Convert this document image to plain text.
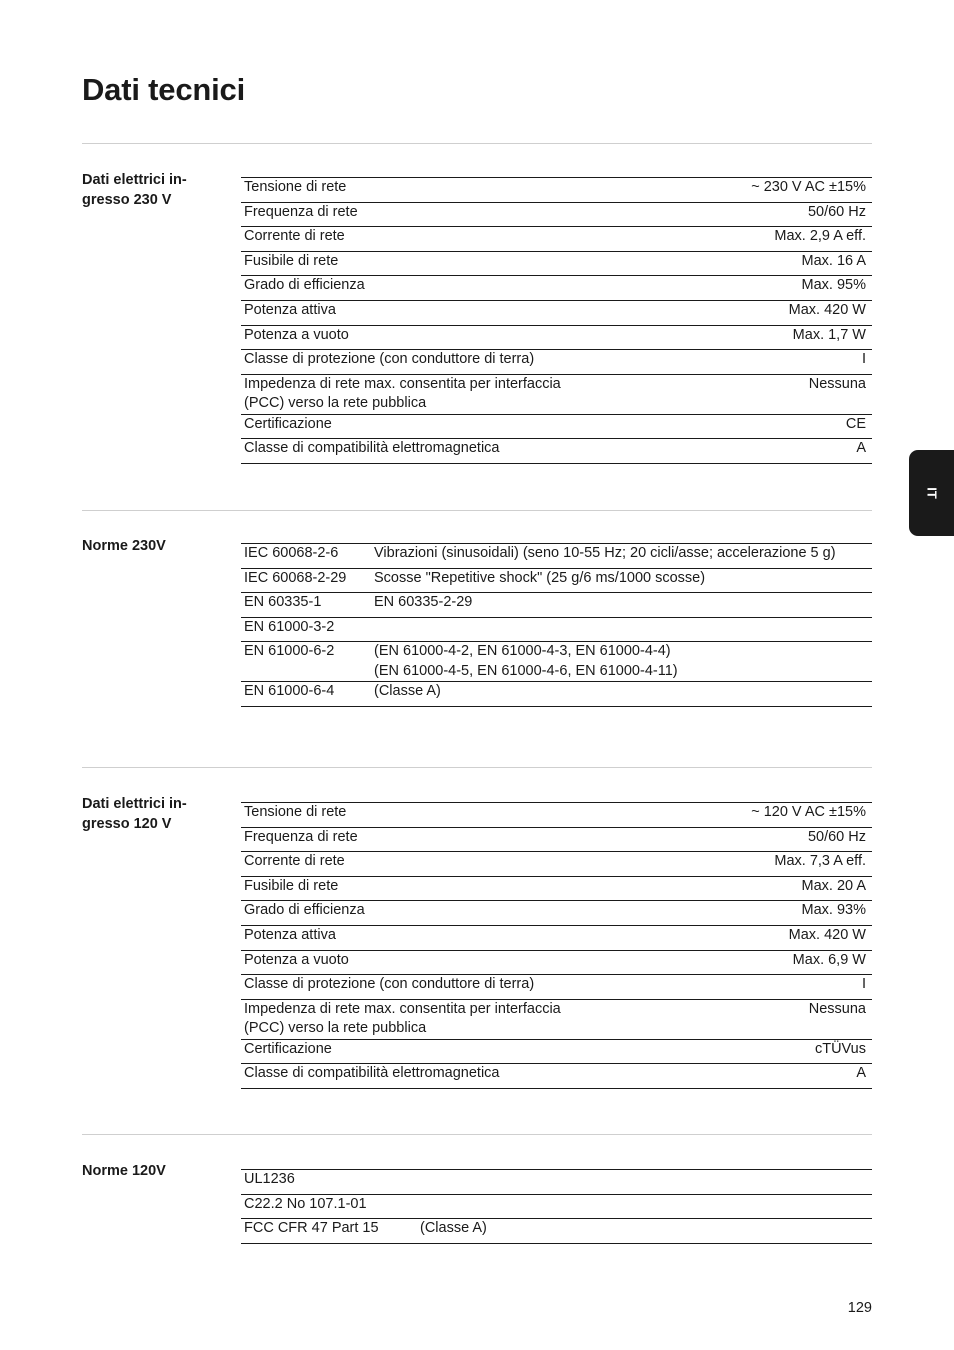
Dati tecnici
Dati elettrici in-
gresso 230 V
Tensione di rete	~ 230 V AC ±15%
Frequenza di rete	50/60 Hz
Corrente di rete	Max. 2,9 A eff.
Fusibile di rete	Max. 16 A
Grado di efficienza	Max. 95%
Potenza attiva	Max. 420 W
Potenza a vuoto	Max. 1,7 W
Classe di protezione (con conduttore di terra)	I
Impedenza di rete max. consentita per interfaccia (PCC) verso la rete pubblica	Nessuna
Certificazione	CE
Classe di compatibilità elettromagnetica	A
Norme 230V	IEC 60068-2-6	Vibrazioni (sinusoidali) (seno 10-55 Hz; 20 cicli/asse; accelerazione 5 g)
IEC 60068-2-29	Scosse "Repetitive shock" (25 g/6 ms/1000 scosse)
EN 60335-1	EN 60335-2-29
EN 61000-3-2	
EN 61000-6-2	(EN 61000-4-2, EN 61000-4-3, EN 61000-4-4)
(EN 61000-4-5, EN 61000-4-6, EN 61000-4-11)
EN 61000-6-4	(Classe A)
Dati elettrici in-
gresso 120 V
Tensione di rete	~ 120 V AC ±15%
Frequenza di rete	50/60 Hz
Corrente di rete	Max. 7,3 A eff.
Fusibile di rete	Max. 20 A
Grado di efficienza	Max. 93%
Potenza attiva	Max. 420 W
Potenza a vuoto	Max. 6,9 W
Classe di protezione (con conduttore di terra)	I
Impedenza di rete max. consentita per interfaccia (PCC) verso la rete pubblica	Nessuna
Certificazione	cTÜVus
Classe di compatibilità elettromagnetica	A
Norme 120V	UL1236	
C22.2 No 107.1-01	
FCC CFR 47 Part 15	(Classe A)
IT
129
